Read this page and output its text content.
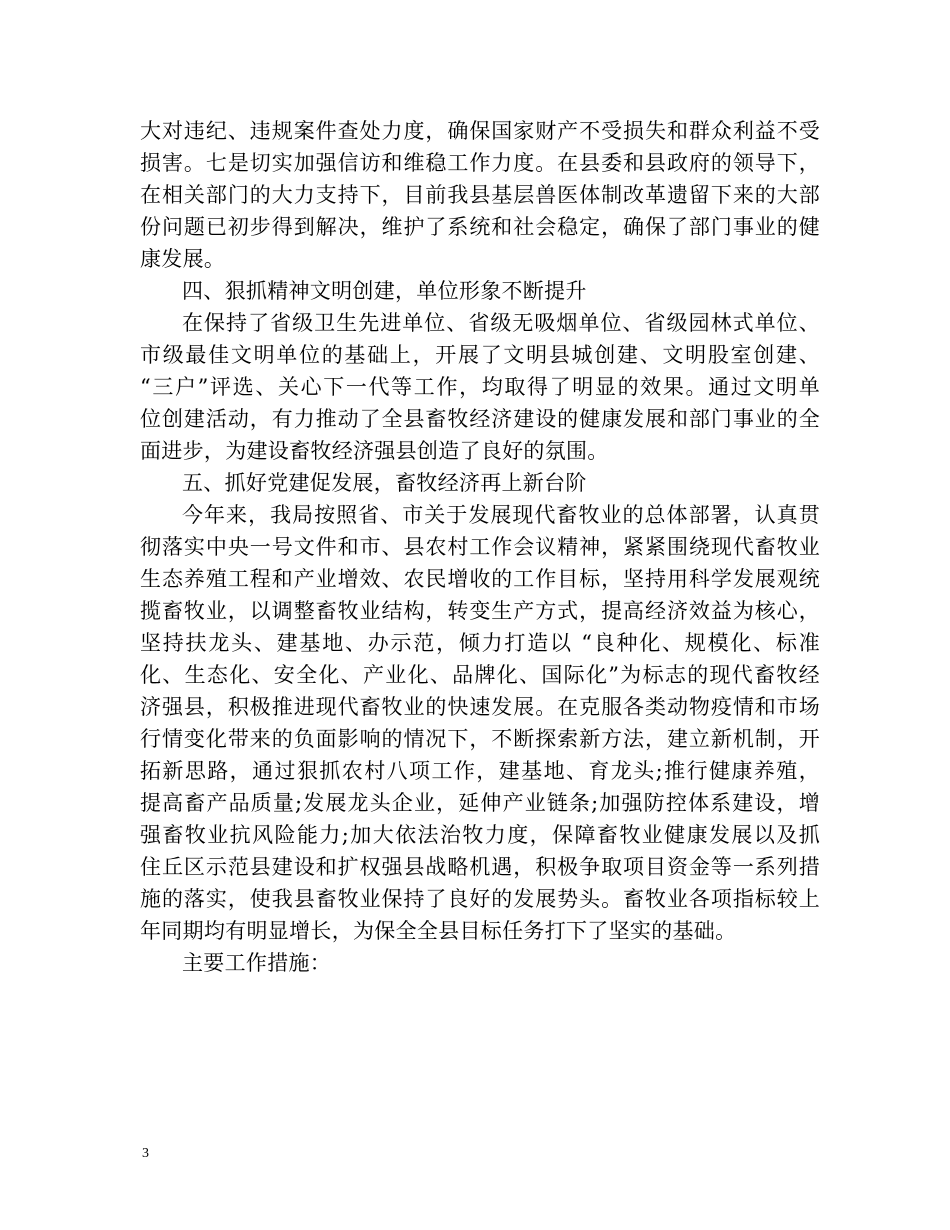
大对违纪、违规案件查处力度，确保国家财产不受损失和群众利益不受
损害。七是切实加强信访和维稳工作力度。在县委和县政府的领导下，
在相关部门的大力支持下，目前我县基层兽医体制改革遗留下来的大部
份问题已初步得到解决，维护了系统和社会稳定，确保了部门事业的健
康发展。

四、狠抓精神文明创建，单位形象不断提升

在保持了省级卫生先进单位、省级无吸烟单位、省级园林式单位、
市级最佳文明单位的基础上，开展了文明县城创建、文明股室创建、
“三户”评选、关心下一代等工作，均取得了明显的效果。通过文明单
位创建活动，有力推动了全县畜牧经济建设的健康发展和部门事业的全
面进步，为建设畜牧经济强县创造了良好的氛围。

五、抓好党建促发展，畜牧经济再上新台阶

今年来，我局按照省、市关于发展现代畜牧业的总体部署，认真贯
彻落实中央一号文件和市、县农村工作会议精神，紧紧围绕现代畜牧业
生态养殖工程和产业增效、农民增收的工作目标，坚持用科学发展观统
揽畜牧业，以调整畜牧业结构，转变生产方式，提高经济效益为核心，
坚持扶龙头、建基地、办示范，倾力打造以 “良种化、规模化、标准
化、生态化、安全化、产业化、品牌化、国际化”为标志的现代畜牧经
济强县，积极推进现代畜牧业的快速发展。在克服各类动物疫情和市场
行情变化带来的负面影响的情况下，不断探索新方法，建立新机制，开
拓新思路，通过狠抓农村八项工作，建基地、育龙头;推行健康养殖，
提高畜产品质量;发展龙头企业，延伸产业链条;加强防控体系建设，增
强畜牧业抗风险能力;加大依法治牧力度，保障畜牧业健康发展以及抓
住丘区示范县建设和扩权强县战略机遇，积极争取项目资金等一系列措
施的落实，使我县畜牧业保持了良好的发展势头。畜牧业各项指标较上
年同期均有明显增长，为保全全县目标任务打下了坚实的基础。

主要工作措施：

3
